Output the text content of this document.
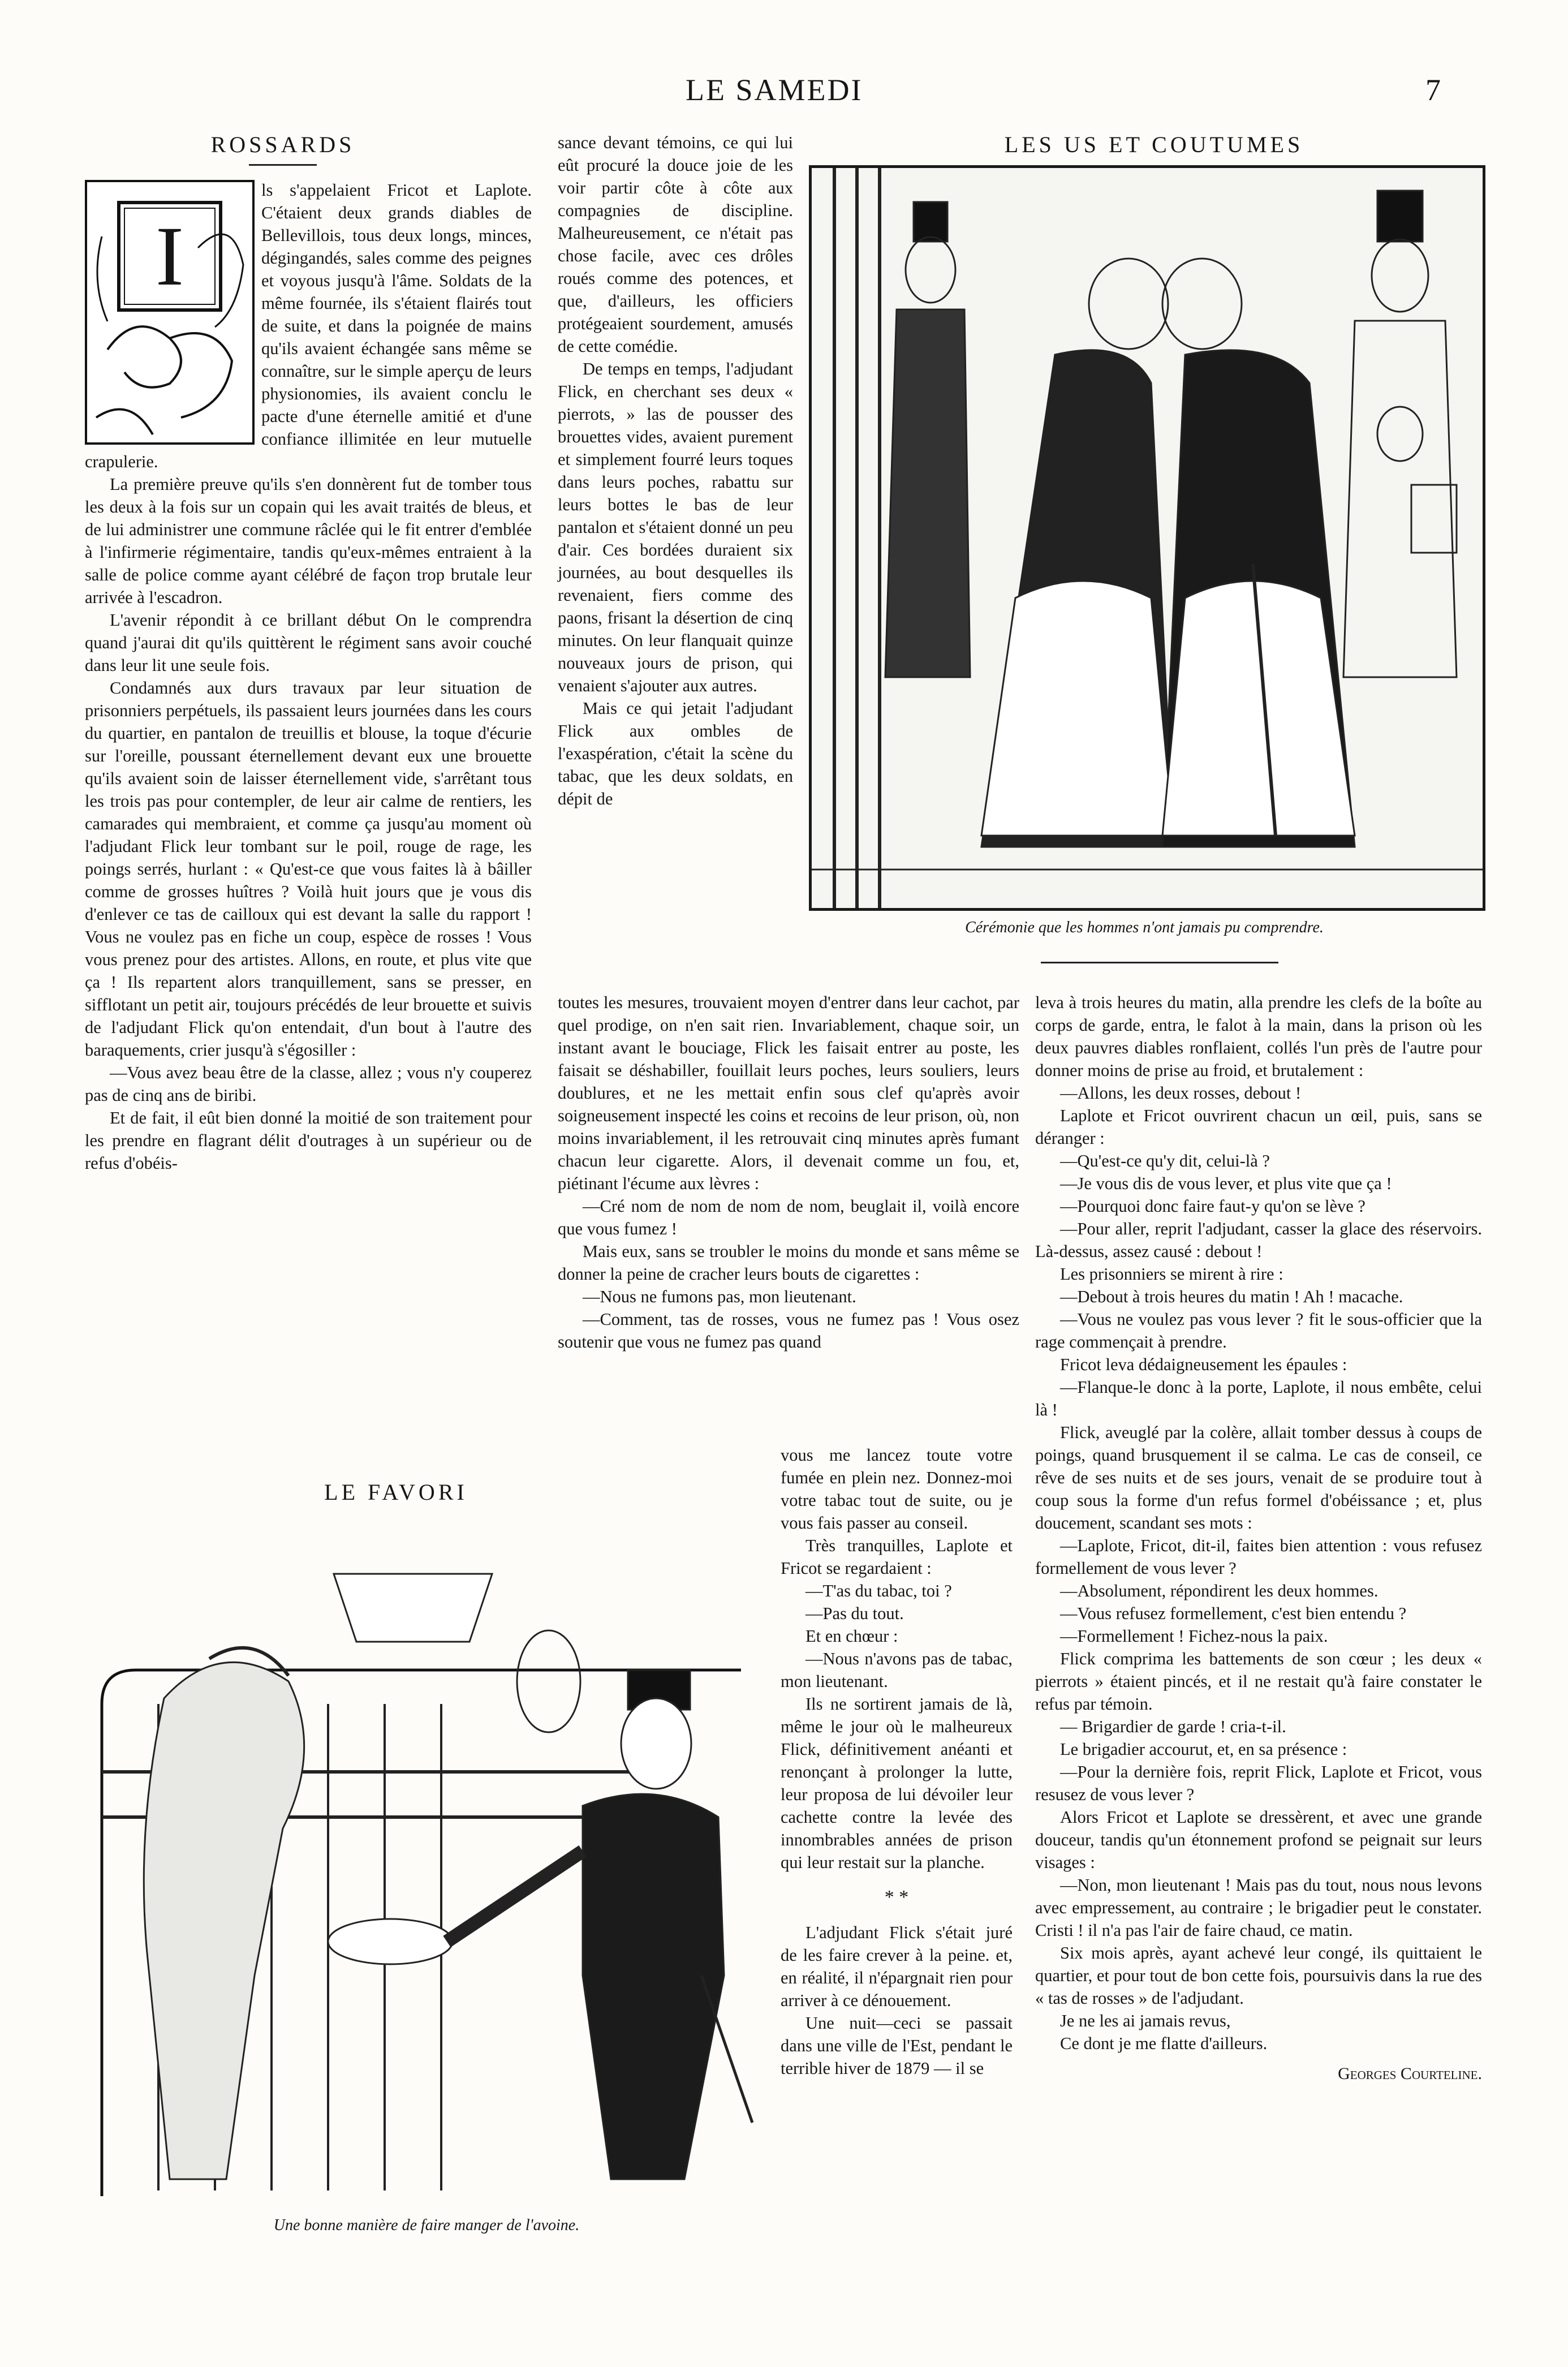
LE SAMEDI	7
ROSSARDS
I

ls s'appelaient Fricot et Laplote. C'étaient deux grands diables de Bellevillois, tous deux longs, minces, dégingandés, sales comme des peignes et voyous jusqu'à l'âme. Soldats de la même fournée, ils s'étaient flairés tout de suite, et dans la poignée de mains qu'ils avaient échangée sans même se connaître, sur le simple aperçu de leurs physionomies, ils avaient conclu le pacte d'une éternelle amitié et d'une confiance illimitée en leur mutuelle crapulerie.

La première preuve qu'ils s'en donnèrent fut de tomber tous les deux à la fois sur un copain qui les avait traités de bleus, et de lui administrer une commune râclée qui le fit entrer d'emblée à l'infirmerie régimentaire, tandis qu'eux-mêmes entraient à la salle de police comme ayant célébré de façon trop brutale leur arrivée à l'escadron.

L'avenir répondit à ce brillant début On le comprendra quand j'aurai dit qu'ils quittèrent le régiment sans avoir couché dans leur lit une seule fois.

Condamnés aux durs travaux par leur situation de prisonniers perpétuels, ils passaient leurs journées dans les cours du quartier, en pantalon de treuillis et blouse, la toque d'écurie sur l'oreille, poussant éternellement devant eux une brouette qu'ils avaient soin de laisser éternellement vide, s'arrêtant tous les trois pas pour contempler, de leur air calme de rentiers, les camarades qui membraient, et comme ça jusqu'au moment où l'adjudant Flick leur tombant sur le poil, rouge de rage, les poings serrés, hurlant : « Qu'est-ce que vous faites là à bâiller comme de grosses huîtres ? Voilà huit jours que je vous dis d'enlever ce tas de cailloux qui est devant la salle du rapport ! Vous ne voulez pas en fiche un coup, espèce de rosses ! Vous vous prenez pour des artistes. Allons, en route, et plus vite que ça ! Ils repartent alors tranquillement, sans se presser, en sifflotant un petit air, toujours précédés de leur brouette et suivis de l'adjudant Flick qu'on entendait, d'un bout à l'autre des baraquements, crier jusqu'à s'égosiller :

—Vous avez beau être de la classe, allez ; vous n'y couperez pas de cinq ans de biribi.

Et de fait, il eût bien donné la moitié de son traitement pour les prendre en flagrant délit d'outrages à un supérieur ou de refus d'obéis-

sance devant témoins, ce qui lui eût procuré la douce joie de les voir partir côte à côte aux compagnies de discipline. Malheureusement, ce n'était pas chose facile, avec ces drôles roués comme des potences, et que, d'ailleurs, les officiers protégeaient sourdement, amusés de cette comédie.

De temps en temps, l'adjudant Flick, en cherchant ses deux « pierrots, » las de pousser des brouettes vides, avaient purement et simplement fourré leurs toques dans leurs poches, rabattu sur leurs bottes le bas de leur pantalon et s'étaient donné un peu d'air. Ces bordées duraient six journées, au bout desquelles ils revenaient, fiers comme des paons, frisant la désertion de cinq minutes. On leur flanquait quinze nouveaux jours de prison, qui venaient s'ajouter aux autres.

Mais ce qui jetait l'adjudant Flick aux ombles de l'exaspération, c'était la scène du tabac, que les deux soldats, en dépit de

LES US ET COUTUMES
Cérémonie que les hommes n'ont jamais pu comprendre.

toutes les mesures, trouvaient moyen d'entrer dans leur cachot, par quel prodige, on n'en sait rien. Invariablement, chaque soir, un instant avant le bouciage, Flick les faisait entrer au poste, les faisait se déshabiller, fouillait leurs poches, leurs souliers, leurs doublures, et ne les mettait enfin sous clef qu'après avoir soigneusement inspecté les coins et recoins de leur prison, où, non moins invariablement, il les retrouvait cinq minutes après fumant chacun leur cigarette. Alors, il devenait comme un fou, et, piétinant l'écume aux lèvres :

—Cré nom de nom de nom de nom, beuglait il, voilà encore que vous fumez !

Mais eux, sans se troubler le moins du monde et sans même se donner la peine de cracher leurs bouts de cigarettes :

—Nous ne fumons pas, mon lieutenant.

—Comment, tas de rosses, vous ne fumez pas ! Vous osez soutenir que vous ne fumez pas quand

vous me lancez toute votre fumée en plein nez. Donnez-moi votre tabac tout de suite, ou je vous fais passer au conseil.

Très tranquilles, Laplote et Fricot se regardaient :

—T'as du tabac, toi ?

—Pas du tout.

Et en chœur :

—Nous n'avons pas de tabac, mon lieutenant.

Ils ne sortirent jamais de là, même le jour où le malheureux Flick, définitivement anéanti et renonçant à prolonger la lutte, leur proposa de lui dévoiler leur cachette contre la levée des innombrables années de prison qui leur restait sur la planche.

* *

L'adjudant Flick s'était juré de les faire crever à la peine. et, en réalité, il n'épargnait rien pour arriver à ce dénouement.

Une nuit—ceci se passait dans une ville de l'Est, pendant le terrible hiver de 1879 — il se

LE FAVORI
Une bonne manière de faire manger de l'avoine.

leva à trois heures du matin, alla prendre les clefs de la boîte au corps de garde, entra, le falot à la main, dans la prison où les deux pauvres diables ronflaient, collés l'un près de l'autre pour donner moins de prise au froid, et brutalement :

—Allons, les deux rosses, debout !

Laplote et Fricot ouvrirent chacun un œil, puis, sans se déranger :

—Qu'est-ce qu'y dit, celui-là ?

—Je vous dis de vous lever, et plus vite que ça !

—Pourquoi donc faire faut-y qu'on se lève ?

—Pour aller, reprit l'adjudant, casser la glace des réservoirs. Là-dessus, assez causé : debout !

Les prisonniers se mirent à rire :

—Debout à trois heures du matin ! Ah ! macache.

—Vous ne voulez pas vous lever ? fit le sous-officier que la rage commençait à prendre.

Fricot leva dédaigneusement les épaules :

—Flanque-le donc à la porte, Laplote, il nous embête, celui là !

Flick, aveuglé par la colère, allait tomber dessus à coups de poings, quand brusquement il se calma. Le cas de conseil, ce rêve de ses nuits et de ses jours, venait de se produire tout à coup sous la forme d'un refus formel d'obéissance ; et, plus doucement, scandant ses mots :

—Laplote, Fricot, dit-il, faites bien attention : vous refusez formellement de vous lever ?

—Absolument, répondirent les deux hommes.

—Vous refusez formellement, c'est bien entendu ?

—Formellement ! Fichez-nous la paix.

Flick comprima les battements de son cœur ; les deux « pierrots » étaient pincés, et il ne restait qu'à faire constater le refus par témoin.

— Brigardier de garde ! cria-t-il.

Le brigadier accourut, et, en sa présence :

—Pour la dernière fois, reprit Flick, Laplote et Fricot, vous resusez de vous lever ?

Alors Fricot et Laplote se dressèrent, et avec une grande douceur, tandis qu'un étonnement profond se peignait sur leurs visages :

—Non, mon lieutenant ! Mais pas du tout, nous nous levons avec empressement, au contraire ; le brigadier peut le constater. Cristi ! il n'a pas l'air de faire chaud, ce matin.

Six mois après, ayant achevé leur congé, ils quittaient le quartier, et pour tout de bon cette fois, poursuivis dans la rue des « tas de rosses » de l'adjudant.

Je ne les ai jamais revus,

Ce dont je me flatte d'ailleurs.

Georges Courteline.
